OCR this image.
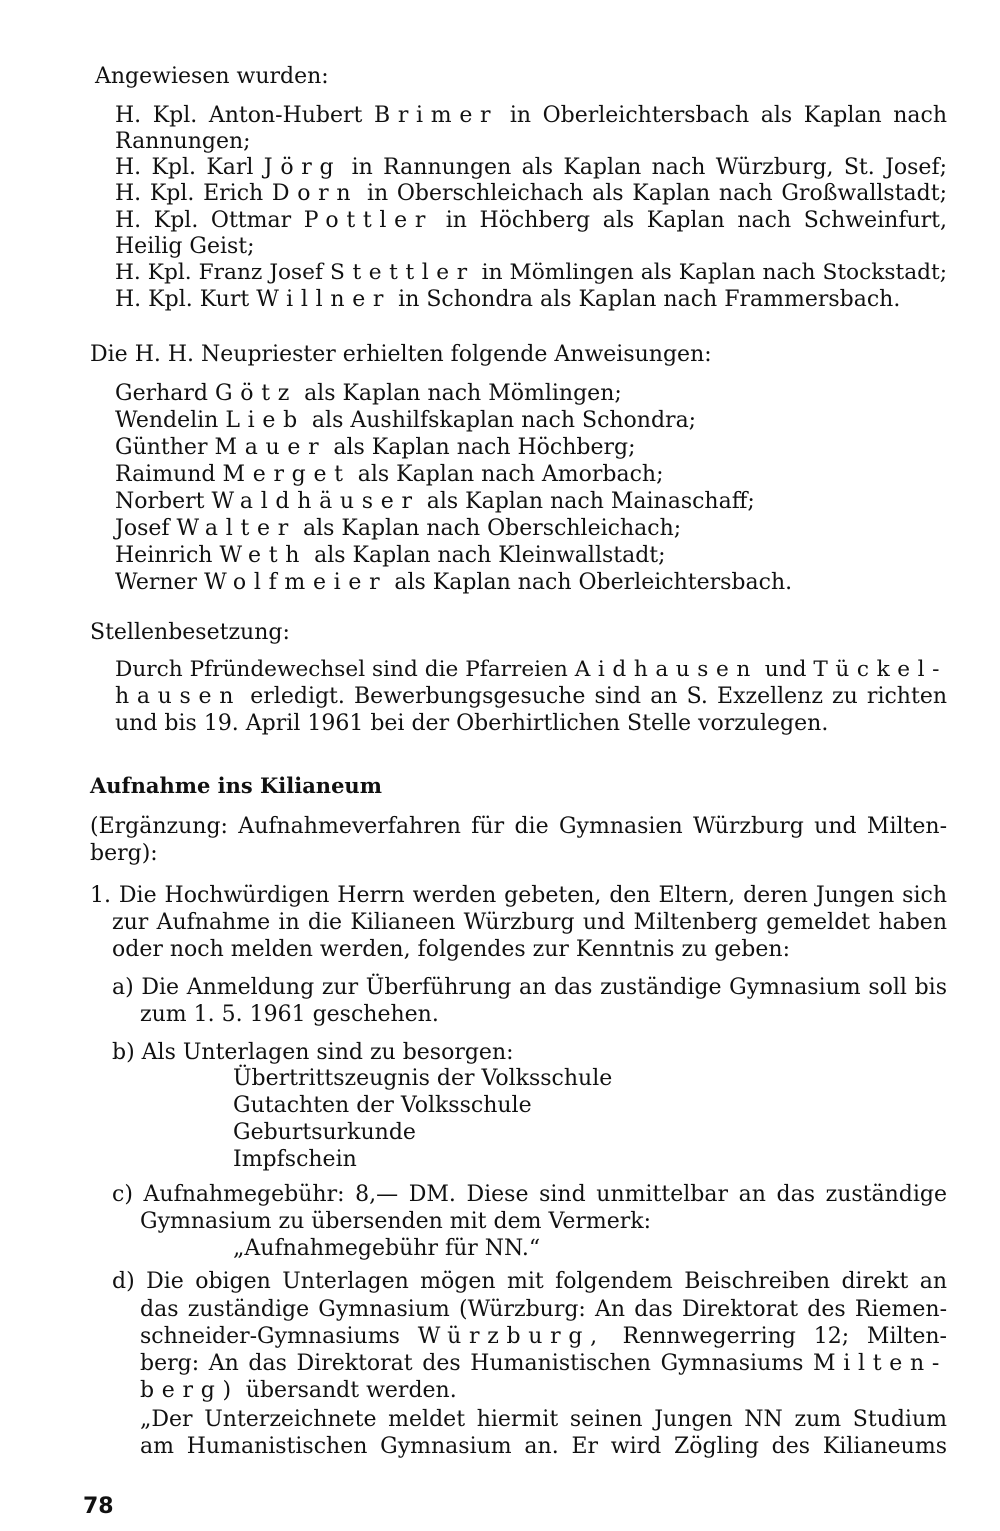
Angewiesen wurden:
H. Kpl. Anton-Hubert Brimer in Oberleichtersbach als Kaplan nach
Rannungen;
H. Kpl. Karl Jörg in Rannungen als Kaplan nach Würzburg, St. Josef;
H. Kpl. Erich Dorn in Oberschleichach als Kaplan nach Großwallstadt;
H. Kpl. Ottmar Pottler in Höchberg als Kaplan nach Schweinfurt,
Heilig Geist;
H. Kpl. Franz Josef Stettler in Mömlingen als Kaplan nach Stockstadt;
H. Kpl. Kurt Willner in Schondra als Kaplan nach Frammersbach.
Die H. H. Neupriester erhielten folgende Anweisungen:
Gerhard Götz als Kaplan nach Mömlingen;
Wendelin Lieb als Aushilfskaplan nach Schondra;
Günther Mauer als Kaplan nach Höchberg;
Raimund Merget als Kaplan nach Amorbach;
Norbert Waldhäuser als Kaplan nach Mainaschaff;
Josef Walter als Kaplan nach Oberschleichach;
Heinrich Weth als Kaplan nach Kleinwallstadt;
Werner Wolfmeier als Kaplan nach Oberleichtersbach.
Stellenbesetzung:
Durch Pfründewechsel sind die Pfarreien Aidhausen und Tückel-
hausen erledigt. Bewerbungsgesuche sind an S. Exzellenz zu richten
und bis 19. April 1961 bei der Oberhirtlichen Stelle vorzulegen.
Aufnahme ins Kilianeum
(Ergänzung: Aufnahmeverfahren für die Gymnasien Würzburg und Milten-
berg):
1. Die Hochwürdigen Herrn werden gebeten, den Eltern, deren Jungen sich
zur Aufnahme in die Kilianeen Würzburg und Miltenberg gemeldet haben
oder noch melden werden, folgendes zur Kenntnis zu geben:
a) Die Anmeldung zur Überführung an das zuständige Gymnasium soll bis
zum 1. 5. 1961 geschehen.
b) Als Unterlagen sind zu besorgen:
Übertrittszeugnis der Volksschule
Gutachten der Volksschule
Geburtsurkunde
Impfschein
c) Aufnahmegebühr: 8,— DM. Diese sind unmittelbar an das zuständige
Gymnasium zu übersenden mit dem Vermerk:
„Aufnahmegebühr für NN.“
d) Die obigen Unterlagen mögen mit folgendem Beischreiben direkt an
das zuständige Gymnasium (Würzburg: An das Direktorat des Riemen-
schneider-Gymnasiums Würzburg, Rennwegerring 12; Milten-
berg: An das Direktorat des Humanistischen Gymnasiums Milten-
berg) übersandt werden.
„Der Unterzeichnete meldet hiermit seinen Jungen NN zum Studium
am Humanistischen Gymnasium an. Er wird Zögling des Kilianeums
78
